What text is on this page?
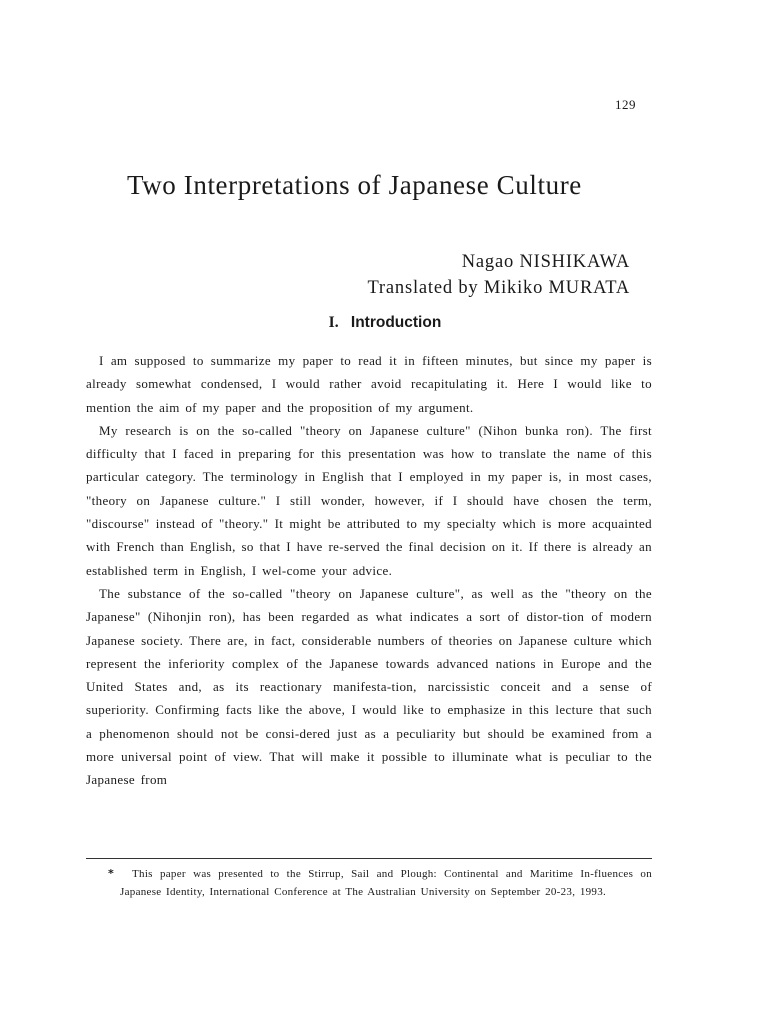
129
Two Interpretations of Japanese Culture
Nagao NISHIKAWA
Translated by Mikiko MURATA
I. Introduction

I am supposed to summarize my paper to read it in fifteen minutes, but since my paper is already somewhat condensed, I would rather avoid recapitulating it. Here I would like to mention the aim of my paper and the proposition of my argument.

My research is on the so-called "theory on Japanese culture" (Nihon bunka ron). The first difficulty that I faced in preparing for this presentation was how to translate the name of this particular category. The terminology in English that I employed in my paper is, in most cases, "theory on Japanese culture." I still wonder, however, if I should have chosen the term, "discourse" instead of "theory." It might be attributed to my specialty which is more acquainted with French than English, so that I have re-served the final decision on it. If there is already an established term in English, I wel-come your advice.

The substance of the so-called "theory on Japanese culture", as well as the "theory on the Japanese" (Nihonjin ron), has been regarded as what indicates a sort of distor-tion of modern Japanese society. There are, in fact, considerable numbers of theories on Japanese culture which represent the inferiority complex of the Japanese towards advanced nations in Europe and the United States and, as its reactionary manifesta-tion, narcissistic conceit and a sense of superiority. Confirming facts like the above, I would like to emphasize in this lecture that such a phenomenon should not be consi-dered just as a peculiarity but should be examined from a more universal point of view. That will make it possible to illuminate what is peculiar to the Japanese from

*	This paper was presented to the Stirrup, Sail and Plough: Continental and Maritime In-fluences on Japanese Identity, International Conference at The Australian University on September 20-23, 1993.
